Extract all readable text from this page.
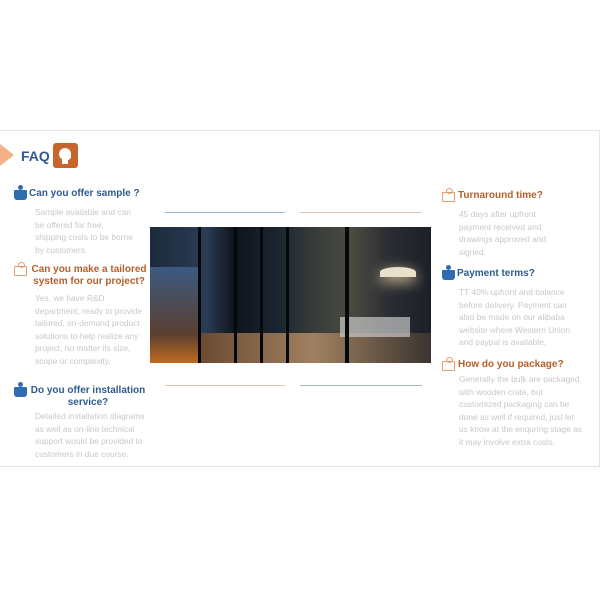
FAQ
Can you offer sample ?
Sample available and can be offered for free, shipping costs to be borne by customers.
Can you make a tailored system for our project?
Yes, we have R&D department, ready to provide tailored, on-demand product solutions to help realize any project, no matter its size, scope or complexity.
Do you offer installation service?
Detailed installation diagrams as well as on-line technical support would be provided to customers in due course.
Turnaround time?
45 days after upfront payment received and drawings approved and signed.
Payment terms?
TT 40% upfront and balance before delivery. Payment can also be made on our alibaba website where Western Union and paypal is available.
How do you package?
Generally the bulk are packaged with wooden crate, but customized packaging can be done as well if required, just let us know at the enquring stage as it may involve extra costs.
